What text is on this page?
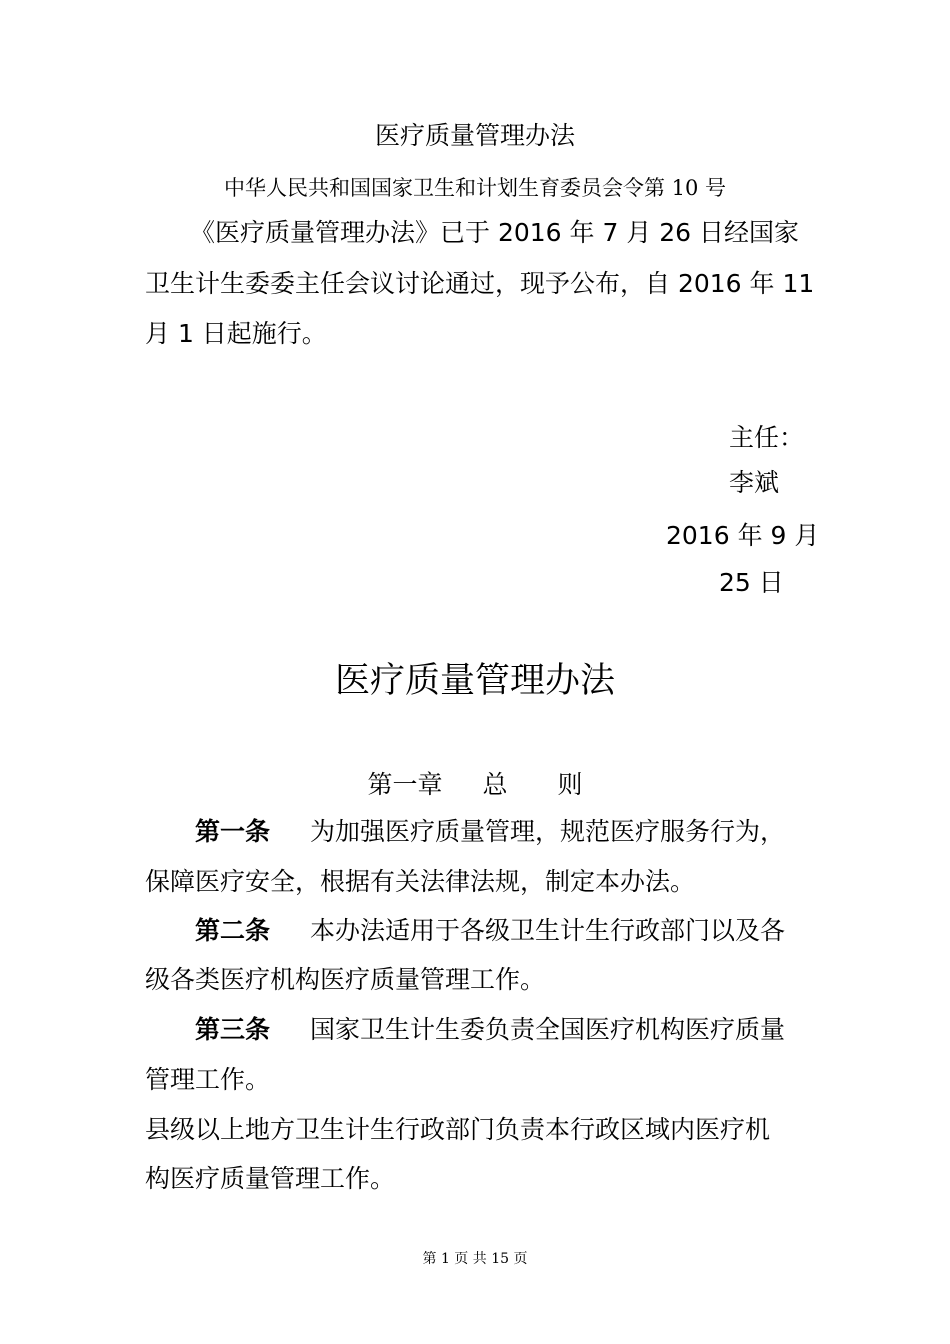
医疗质量管理办法
中华人民共和国国家卫生和计划生育委员会令第 10 号
《医疗质量管理办法》已于 2016 年 7 月 26 日经国家
卫生计生委委主任会议讨论通过，现予公布，自 2016 年 11
月 1 日起施行。
主任：
李斌
2016 年 9 月
25 日
医疗质量管理办法
第一章 总 则
第一条 为加强医疗质量管理，规范医疗服务行为，
保障医疗安全，根据有关法律法规，制定本办法。
第二条 本办法适用于各级卫生计生行政部门以及各
级各类医疗机构医疗质量管理工作。
第三条 国家卫生计生委负责全国医疗机构医疗质量
管理工作。
县级以上地方卫生计生行政部门负责本行政区域内医疗机
构医疗质量管理工作。
第 1 页 共 15 页
